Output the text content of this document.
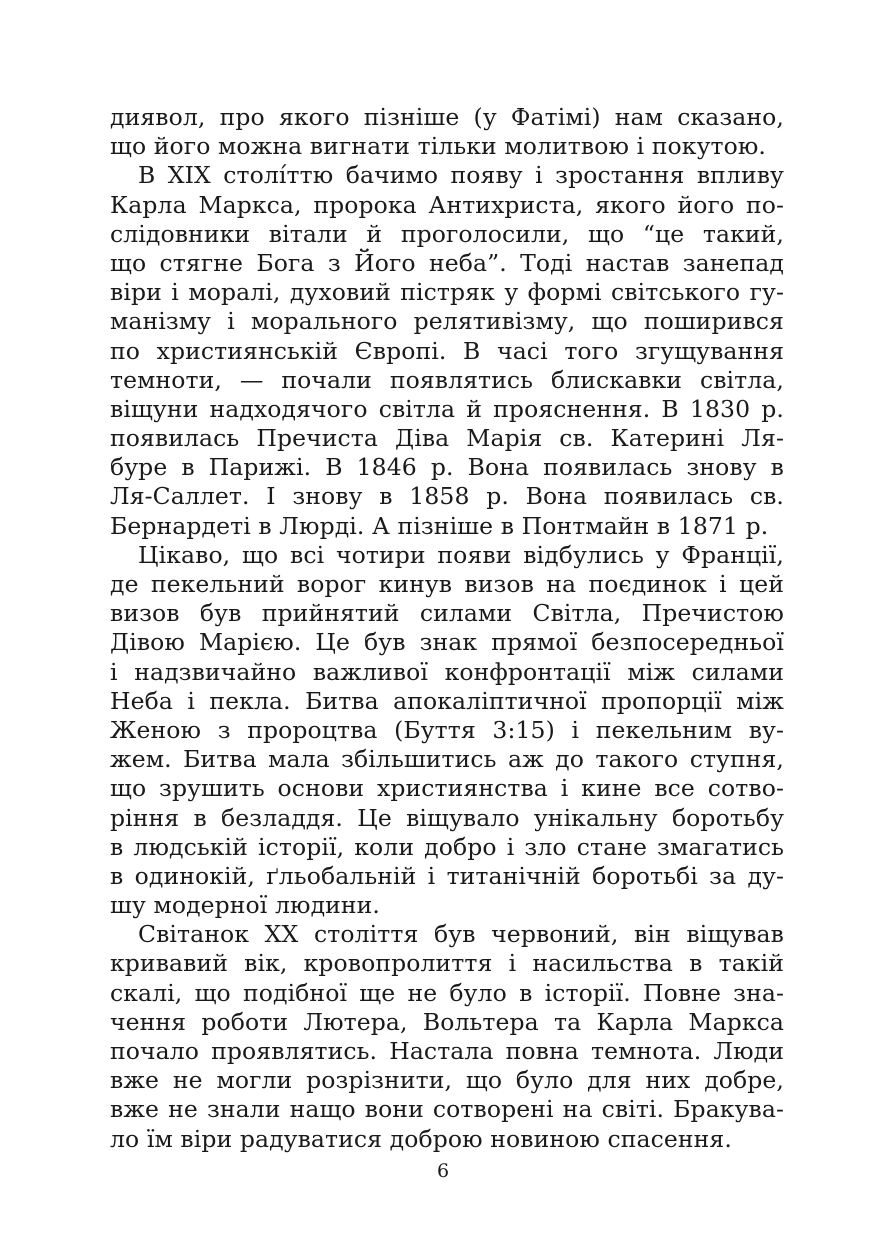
диявол, про якого пізніше (у Фатімі) нам сказано,
що його можна вигнати тільки молитвою і покутою.
В XIX столíттю бачимо появу і зростання впливу
Карла Маркса, пророка Антихриста, якого його по-
слідовники вітали й проголосили, що “це такий,
що стягне Бога з Його неба”. Тоді настав занепад
віри і моралі, духовий пістряк у формі світського гу-
манізму і морального релятивізму, що поширився
по християнській Європі. В часі того згущування
темноти, — почали появлятись блискавки світла,
віщуни надходячого світла й прояснення. В 1830 р.
появилась Пречиста Діва Марія св. Катерині Ля-
буре в Парижі. В 1846 р. Вона появилась знову в
Ля-Саллет. І знову в 1858 р. Вона появилась св.
Бернардеті в Люрді. А пізніше в Понтмайн в 1871 р.
Цікаво, що всі чотири появи відбулись у Франції,
де пекельний ворог кинув визов на поєдинок і цей
визов був прийнятий силами Світла, Пречистою
Дівою Марією. Це був знак прямої безпосередньої
і надзвичайно важливої конфронтації між силами
Неба і пекла. Битва апокаліптичної пропорції між
Женою з пророцтва (Буття 3:15) і пекельним ву-
жем. Битва мала збільшитись аж до такого ступня,
що зрушить основи християнства і кине все сотво-
ріння в безладдя. Це віщувало унікальну боротьбу
в людській історії, коли добро і зло стане змагатись
в одинокій, ґльобальній і титанічній боротьбі за ду-
шу модерної людини.
Світанок XX століття був червоний, він віщував
кривавий вік, кровопролиття і насильства в такій
скалі, що подібної ще не було в історії. Повне зна-
чення роботи Лютера, Вольтера та Карла Маркса
почало проявлятись. Настала повна темнота. Люди
вже не могли розрізнити, що було для них добре,
вже не знали нащо вони сотворені на світі. Бракува-
ло їм віри радуватися доброю новиною спасення.
6
